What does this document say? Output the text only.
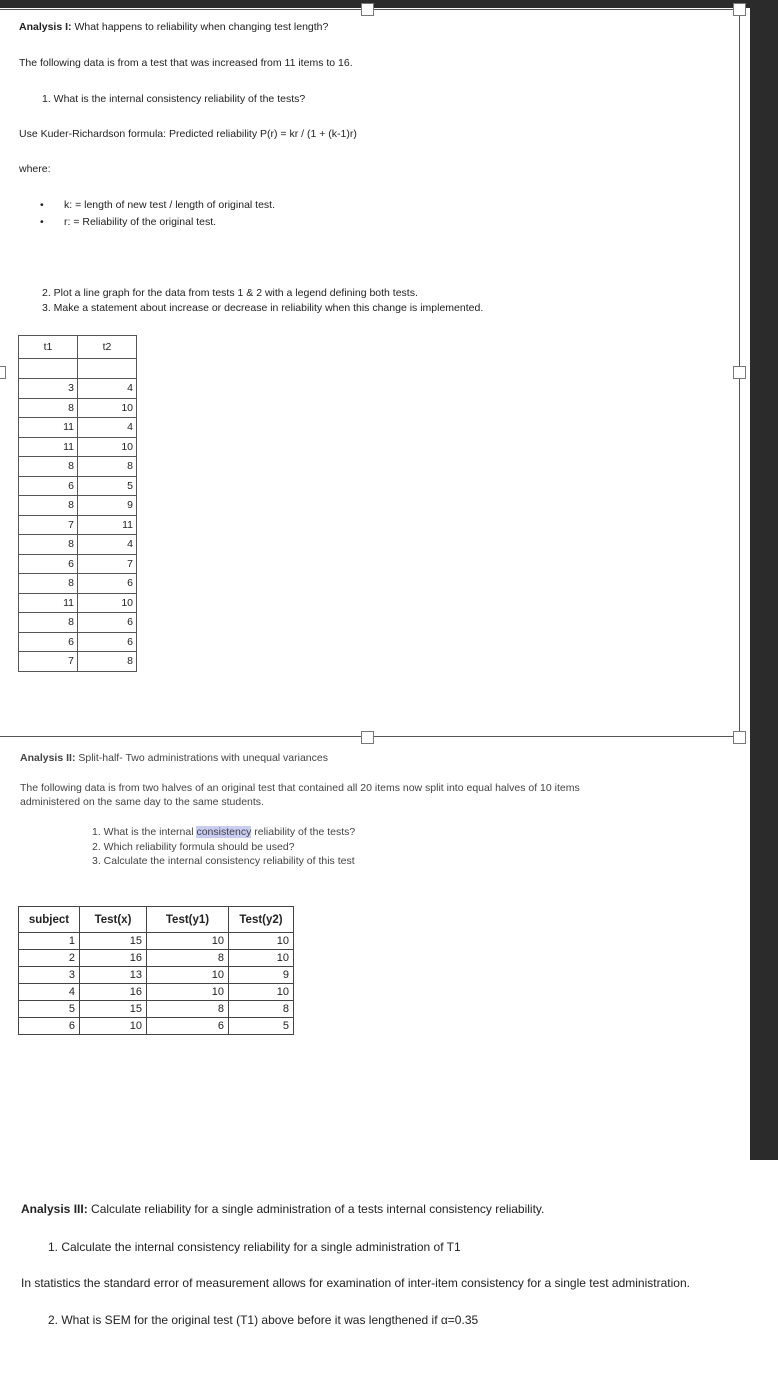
Analysis I: What happens to reliability when changing test length?
The following data is from a test that was increased from 11 items to 16.
1. What is the internal consistency reliability of the tests?
Use Kuder-Richardson formula: Predicted reliability P(r) = kr / (1 + (k-1)r)
where:
• k: = length of new test / length of original test.
• r: = Reliability of the original test.
2. Plot a line graph for the data from tests 1 & 2 with a legend defining both tests.
3. Make a statement about increase or decrease in reliability when this change is implemented.
t1	t2

3	4
8	10
11	4
11	10
8	8
6	5
8	9
7	11
8	4
6	7
8	6
11	10
8	6
6	6
7	8
Analysis II: Split-half- Two administrations with unequal variances
The following data is from two halves of an original test that contained all 20 items now split into equal halves of 10 items
administered on the same day to the same students.
1. What is the internal consistency reliability of the tests?
2. Which reliability formula should be used?
3. Calculate the internal consistency reliability of this test
subject	Test(x)	Test(y1)	Test(y2)
1	15	10	10
2	16	8	10
3	13	10	9
4	16	10	10
5	15	8	8
6	10	6	5
Analysis III: Calculate reliability for a single administration of a tests internal consistency reliability.
1. Calculate the internal consistency reliability for a single administration of T1
In statistics the standard error of measurement allows for examination of inter-item consistency for a single test administration.
2. What is SEM for the original test (T1) above before it was lengthened if α=0.35
